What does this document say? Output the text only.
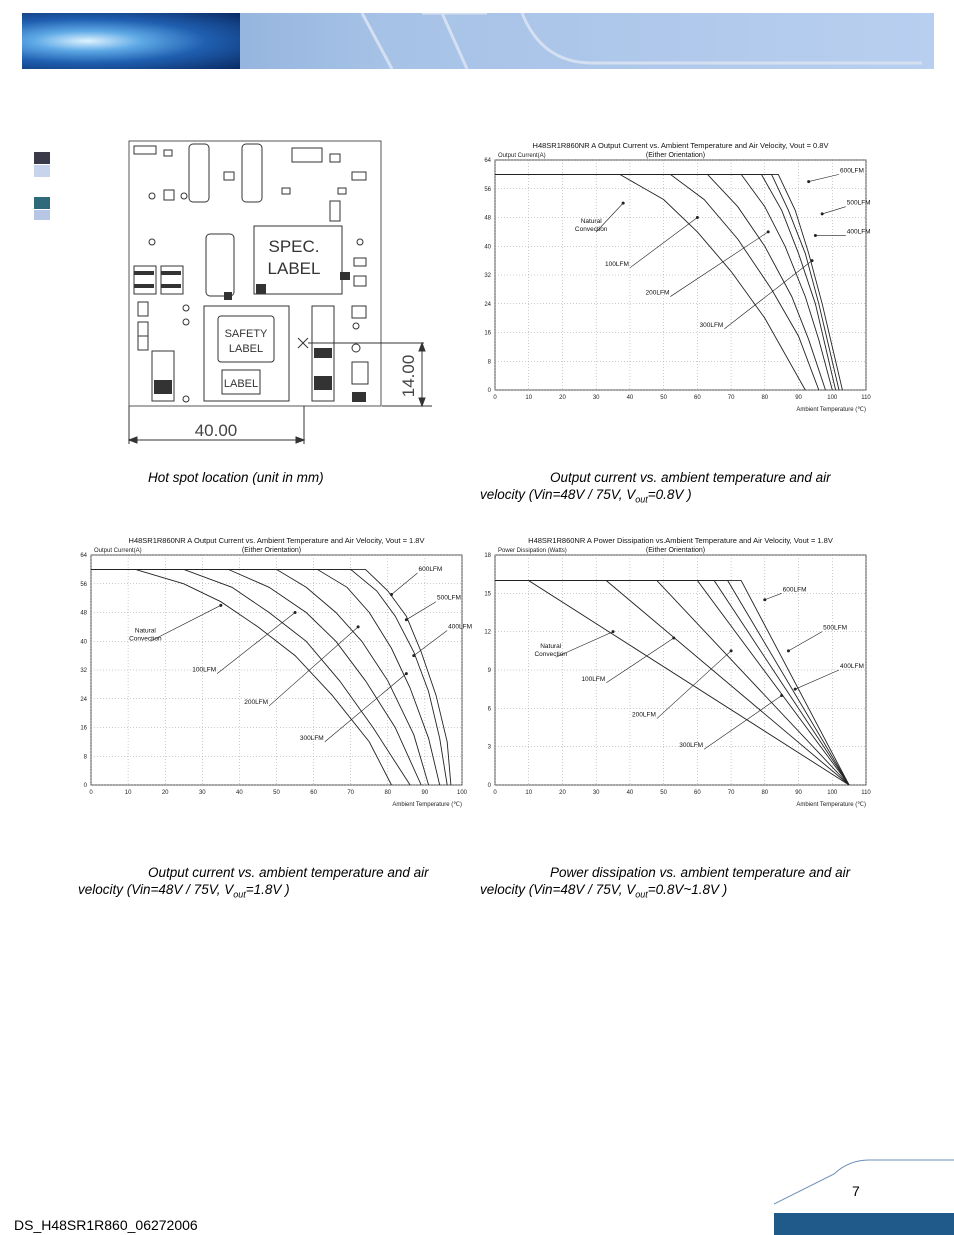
SPEC.
LABEL
SAFETY
LABEL
LABEL
40.00
14.00
H48SR1R860NR A Output Current vs. Ambient Temperature and Air Velocity, Vout = 0.8V
(Either Orientation)
Output Current(A)
Ambient Temperature (℃)
0	10	20	30	40	50	60	70	80	90	100	110
0
8
16
24
32
40
48
56
64
Natural
Convection
100LFM
200LFM
300LFM
400LFM
500LFM
600LFM
H48SR1R860NR A Output Current vs. Ambient Temperature and Air Velocity, Vout = 1.8V
(Either Orientation)
Output Current(A)
Ambient Temperature (℃)
0	10	20	30	40	50	60	70	80	90	100
0
8
16
24
32
40
48
56
64
Natural
Convection
100LFM
200LFM
300LFM
400LFM
500LFM
600LFM
H48SR1R860NR A Power Dissipation vs.Ambient Temperature and Air Velocity, Vout = 1.8V
(Either Orientation)
Power Dissipation (Watts)
Ambient Temperature (℃)
0	10	20	30	40	50	60	70	80	90	100	110
0
3
6
9
12
15
18
Natural
Convection
100LFM
200LFM
300LFM
400LFM
500LFM
600LFM
Hot spot location (unit in mm)	Output current vs. ambient temperature and air
velocity (Vin=48V / 75V, $V_{out}=0.8V$ )
Output current vs. ambient temperature and air
velocity (Vin=48V / 75V, $V_{out}=1.8V$ )
Power dissipation vs. ambient temperature and air
velocity (Vin=48V / 75V, $V_{out}=0.8V\sim 1.8V$ )
7
DS_H48SR1R860_06272006
